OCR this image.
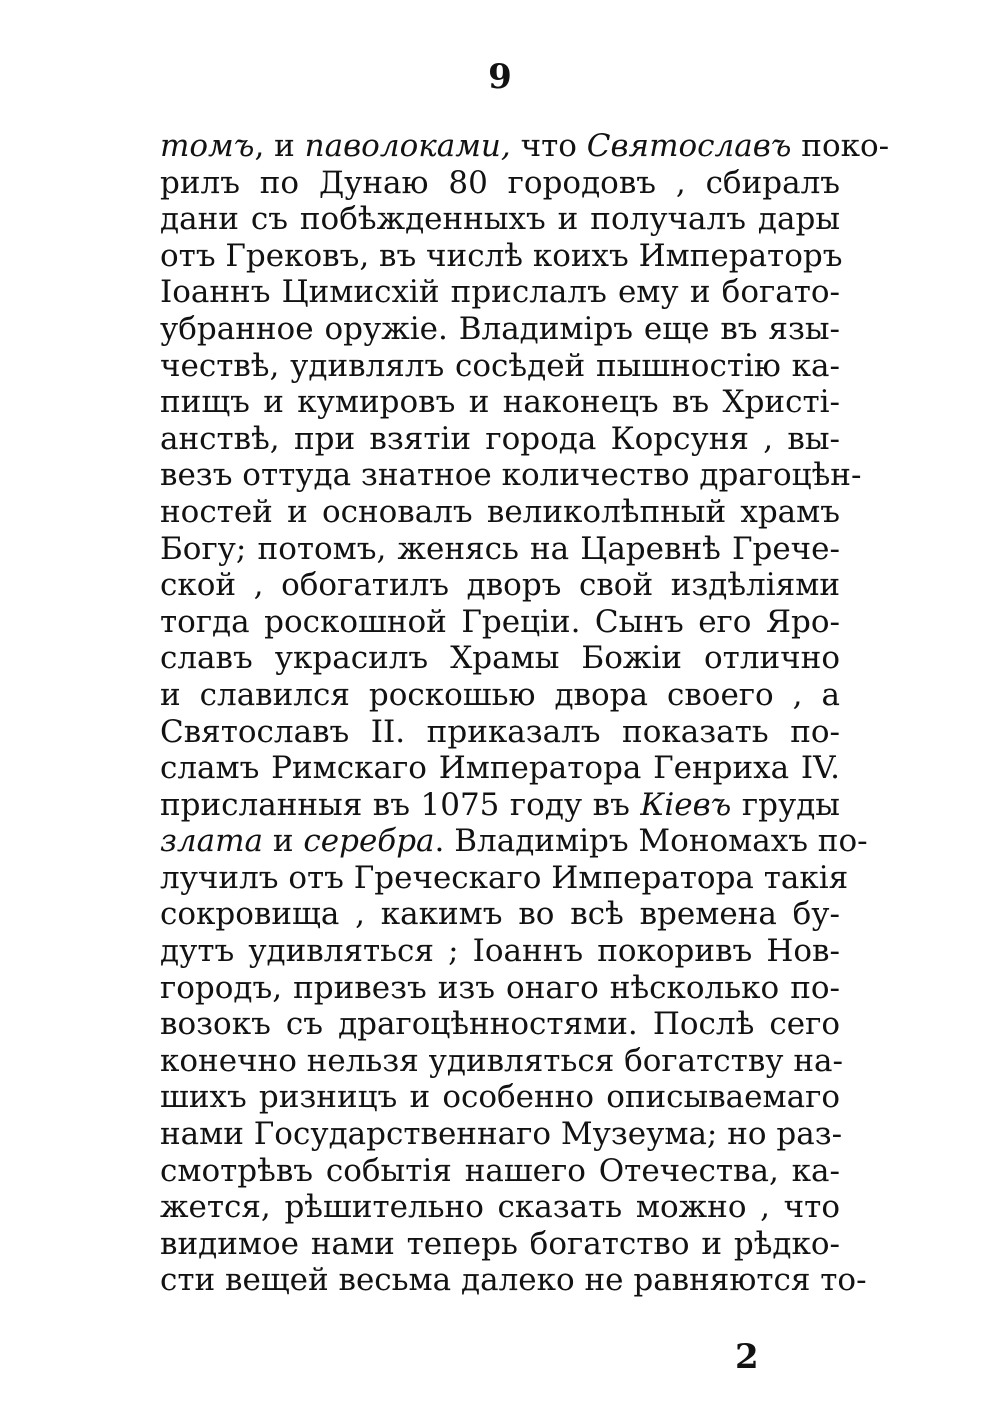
9
томъ, и паволоками, что Святославъ поко-
рилъ по Дунаю 80 городовъ , сбиралъ
дани съ побѣжденныхъ и получалъ дары
отъ Грековъ, въ числѣ коихъ Императоръ
Іоаннъ Цимисхій прислалъ ему и богато-
убранное оружіе. Владиміръ еще въ язы-
чествѣ, удивлялъ сосѣдей пышностію ка-
пищъ и кумировъ и наконецъ въ Христі-
анствѣ, при взятіи города Корсуня , вы-
везъ оттуда знатное количество драгоцѣн-
ностей и основалъ великолѣпный храмъ
Богу; потомъ, женясь на Царевнѣ Грече-
ской , обогатилъ дворъ свой издѣліями
тогда роскошной Греціи. Сынъ его Яро-
славъ украсилъ Храмы Божіи отлично
и славился роскошью двора своего , а
Святославъ II. приказалъ показать по-
сламъ Римскаго Императора Генриха IV.
присланныя въ 1075 году въ Кіевъ груды
злата и серебра. Владиміръ Мономахъ по-
лучилъ отъ Греческаго Императора такія
сокровища , какимъ во всѣ времена бу-
дутъ удивляться ; Іоаннъ покоривъ Нов-
городъ, привезъ изъ онаго нѣсколько по-
возокъ съ драгоцѣнностями. Послѣ сего
конечно нельзя удивляться богатству на-
шихъ ризницъ и особенно описываемаго
нами Государственнаго Музеума; но раз-
смотрѣвъ событія нашего Отечества, ка-
жется, рѣшительно сказать можно , что
видимое нами теперь богатство и рѣдко-
сти вещей весьма далеко не равняются то-
2
